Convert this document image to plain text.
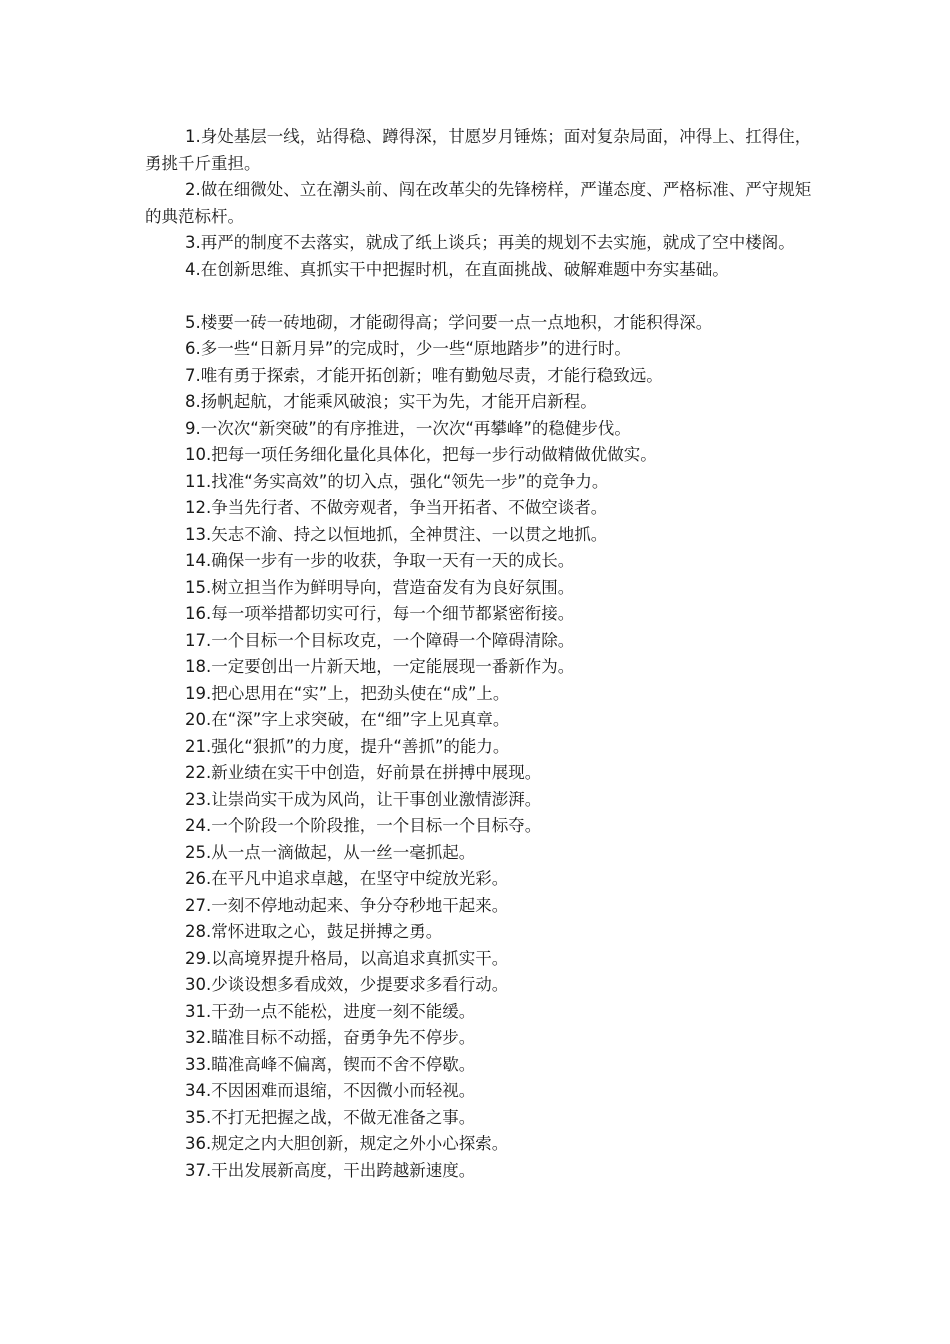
1.身处基层一线，站得稳、蹲得深，甘愿岁月锤炼；面对复杂局面，冲得上、扛得住，勇挑千斤重担。

2.做在细微处、立在潮头前、闯在改革尖的先锋榜样，严谨态度、严格标准、严守规矩的典范标杆。

3.再严的制度不去落实，就成了纸上谈兵；再美的规划不去实施，就成了空中楼阁。

4.在创新思维、真抓实干中把握时机，在直面挑战、破解难题中夯实基础。

5.楼要一砖一砖地砌，才能砌得高；学问要一点一点地积，才能积得深。

6.多一些“日新月异”的完成时，少一些“原地踏步”的进行时。

7.唯有勇于探索，才能开拓创新；唯有勤勉尽责，才能行稳致远。

8.扬帆起航，才能乘风破浪；实干为先，才能开启新程。

9.一次次“新突破”的有序推进，一次次“再攀峰”的稳健步伐。

10.把每一项任务细化量化具体化，把每一步行动做精做优做实。

11.找准“务实高效”的切入点，强化“领先一步”的竞争力。

12.争当先行者、不做旁观者，争当开拓者、不做空谈者。

13.矢志不渝、持之以恒地抓，全神贯注、一以贯之地抓。

14.确保一步有一步的收获，争取一天有一天的成长。

15.树立担当作为鲜明导向，营造奋发有为良好氛围。

16.每一项举措都切实可行，每一个细节都紧密衔接。

17.一个目标一个目标攻克，一个障碍一个障碍清除。

18.一定要创出一片新天地，一定能展现一番新作为。

19.把心思用在“实”上，把劲头使在“成”上。

20.在“深”字上求突破，在“细”字上见真章。

21.强化“狠抓”的力度，提升“善抓”的能力。

22.新业绩在实干中创造，好前景在拼搏中展现。

23.让崇尚实干成为风尚，让干事创业激情澎湃。

24.一个阶段一个阶段推，一个目标一个目标夺。

25.从一点一滴做起，从一丝一毫抓起。

26.在平凡中追求卓越，在坚守中绽放光彩。

27.一刻不停地动起来、争分夺秒地干起来。

28.常怀进取之心，鼓足拼搏之勇。

29.以高境界提升格局，以高追求真抓实干。

30.少谈设想多看成效，少提要求多看行动。

31.干劲一点不能松，进度一刻不能缓。

32.瞄准目标不动摇，奋勇争先不停步。

33.瞄准高峰不偏离，锲而不舍不停歇。

34.不因困难而退缩，不因微小而轻视。

35.不打无把握之战，不做无准备之事。

36.规定之内大胆创新，规定之外小心探索。

37.干出发展新高度，干出跨越新速度。
